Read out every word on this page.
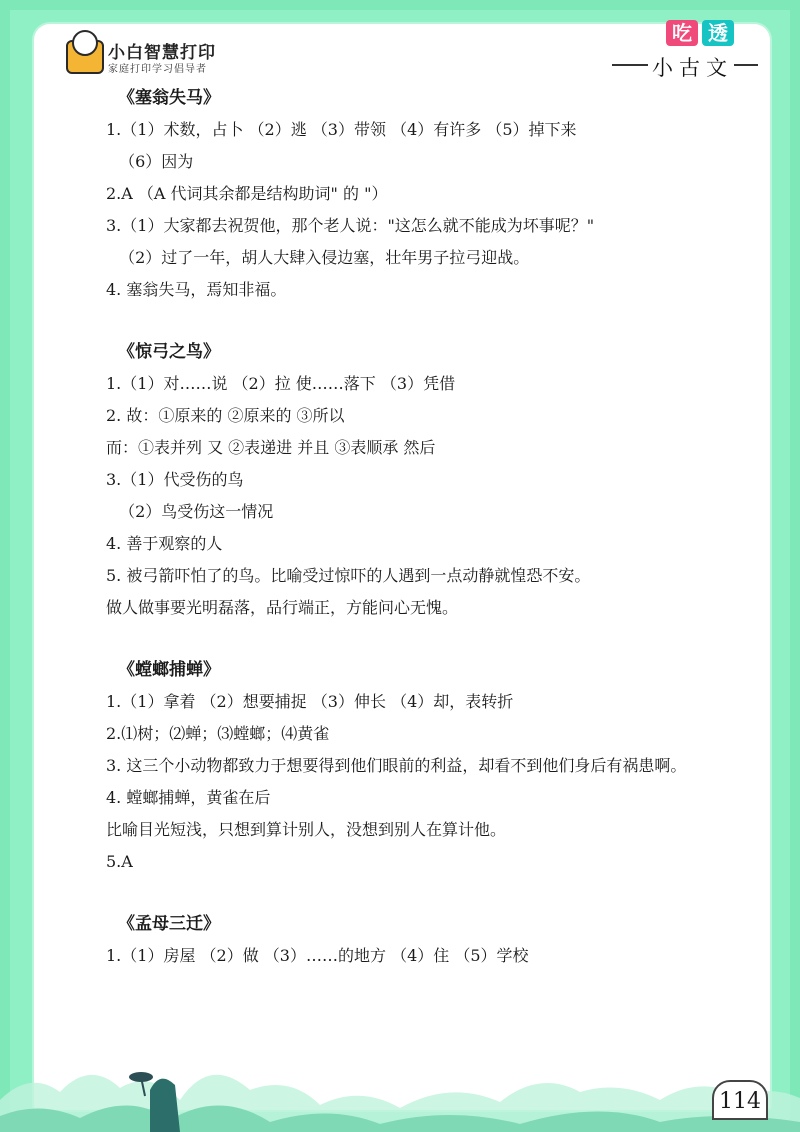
小白智慧打印
家庭打印学习倡导者
吃 透
小古文
《塞翁失马》
1.（1）术数，占卜 （2）逃 （3）带领 （4）有许多 （5）掉下来
（6）因为
2.A （A 代词其余都是结构助词" 的 "）
3.（1）大家都去祝贺他，那个老人说："这怎么就不能成为坏事呢？"
（2）过了一年，胡人大肆入侵边塞，壮年男子拉弓迎战。
4. 塞翁失马，焉知非福。
《惊弓之鸟》
1.（1）对……说 （2）拉 使……落下 （3）凭借
2. 故：①原来的 ②原来的 ③所以
而：①表并列 又 ②表递进 并且 ③表顺承 然后
3.（1）代受伤的鸟
（2）鸟受伤这一情况
4. 善于观察的人
5. 被弓箭吓怕了的鸟。比喻受过惊吓的人遇到一点动静就惶恐不安。
做人做事要光明磊落，品行端正，方能问心无愧。
《螳螂捕蝉》
1.（1）拿着 （2）想要捕捉 （3）伸长 （4）却，表转折
2.⑴树；⑵蝉；⑶螳螂；⑷黄雀
3. 这三个小动物都致力于想要得到他们眼前的利益，却看不到他们身后有祸患啊。
4. 螳螂捕蝉，黄雀在后
比喻目光短浅，只想到算计别人，没想到别人在算计他。
5.A
《孟母三迁》
1.（1）房屋 （2）做 （3）……的地方 （4）住 （5）学校
114
